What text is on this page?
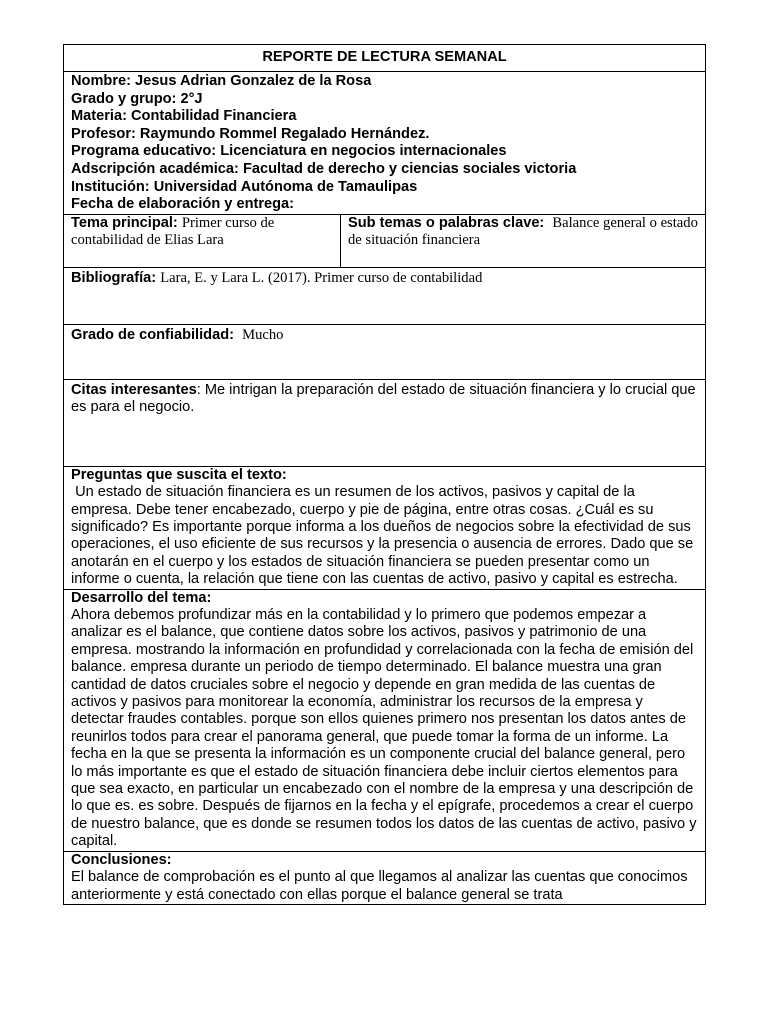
REPORTE DE LECTURA SEMANAL

Nombre: Jesus Adrian Gonzalez de la Rosa
Grado y grupo: 2°J
Materia: Contabilidad Financiera
Profesor: Raymundo Rommel Regalado Hernández.
Programa educativo: Licenciatura en negocios internacionales
Adscripción académica: Facultad de derecho y ciencias sociales victoria
Institución: Universidad Autónoma de Tamaulipas
Fecha de elaboración y entrega:

Tema principal: Primer curso de contabilidad de Elias Lara	Sub temas o palabras clave: Balance general o estado de situación financiera
Bibliografía: Lara, E. y Lara L. (2017). Primer curso de contabilidad
Grado de confiabilidad: Mucho
Citas interesantes: Me intrigan la preparación del estado de situación financiera y lo crucial que es para el negocio.

Preguntas que suscita el texto:
Un estado de situación financiera es un resumen de los activos, pasivos y capital de la empresa. Debe tener encabezado, cuerpo y pie de página, entre otras cosas. ¿Cuál es su significado? Es importante porque informa a los dueños de negocios sobre la efectividad de sus operaciones, el uso eficiente de sus recursos y la presencia o ausencia de errores. Dado que se anotarán en el cuerpo y los estados de situación financiera se pueden presentar como un informe o cuenta, la relación que tiene con las cuentas de activo, pasivo y capital es estrecha.

Desarrollo del tema:
Ahora debemos profundizar más en la contabilidad y lo primero que podemos empezar a analizar es el balance, que contiene datos sobre los activos, pasivos y patrimonio de una empresa. mostrando la información en profundidad y correlacionada con la fecha de emisión del balance. empresa durante un periodo de tiempo determinado. El balance muestra una gran cantidad de datos cruciales sobre el negocio y depende en gran medida de las cuentas de activos y pasivos para monitorear la economía, administrar los recursos de la empresa y detectar fraudes contables. porque son ellos quienes primero nos presentan los datos antes de reunirlos todos para crear el panorama general, que puede tomar la forma de un informe. La fecha en la que se presenta la información es un componente crucial del balance general, pero lo más importante es que el estado de situación financiera debe incluir ciertos elementos para que sea exacto, en particular un encabezado con el nombre de la empresa y una descripción de lo que es. es sobre. Después de fijarnos en la fecha y el epígrafe, procedemos a crear el cuerpo de nuestro balance, que es donde se resumen todos los datos de las cuentas de activo, pasivo y capital.

Conclusiones:
El balance de comprobación es el punto al que llegamos al analizar las cuentas que conocimos anteriormente y está conectado con ellas porque el balance general se trata
